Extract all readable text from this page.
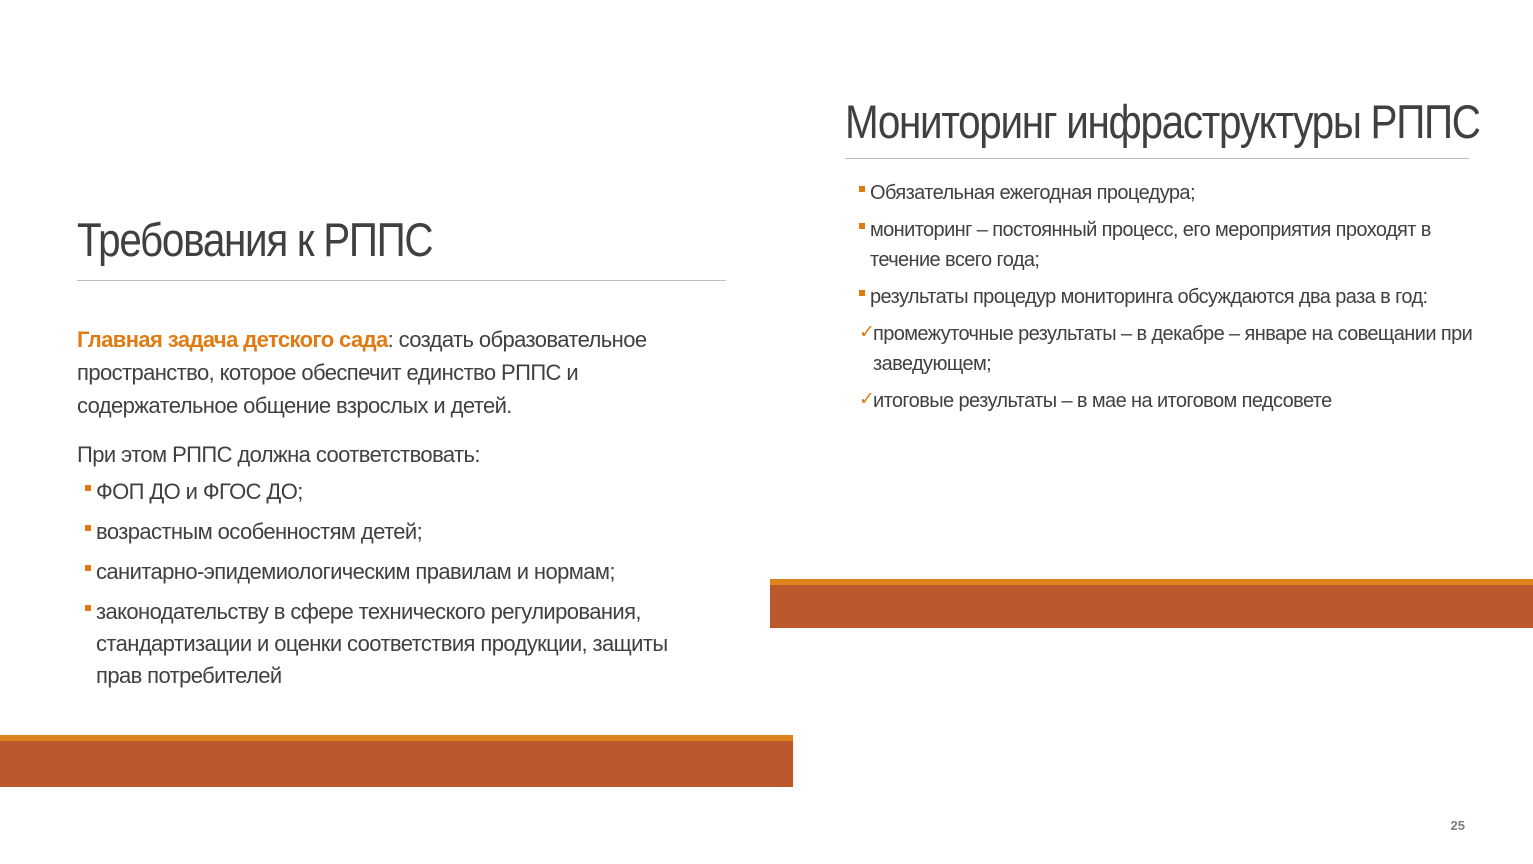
Требования к РППС

Главная задача детского сада: создать образовательное пространство, которое обеспечит единство РППС и содержательное общение взрослых и детей.

При этом РППС должна соответствовать:

ФОП ДО и ФГОС ДО;
возрастным особенностям детей;
санитарно-эпидемиологическим правилам и нормам;
законодательству в сфере технического регулирования, стандартизации и оценки соответствия продукции, защиты прав потребителей
Мониторинг инфраструктуры РППС
Обязательная ежегодная процедура;
мониторинг – постоянный процесс, его мероприятия проходят в течение всего года;
результаты процедур мониторинга обсуждаются два раза в год:
✓
промежуточные результаты – в декабре – январе на совещании при заведующем;
✓
итоговые результаты – в мае на итоговом педсовете
25
